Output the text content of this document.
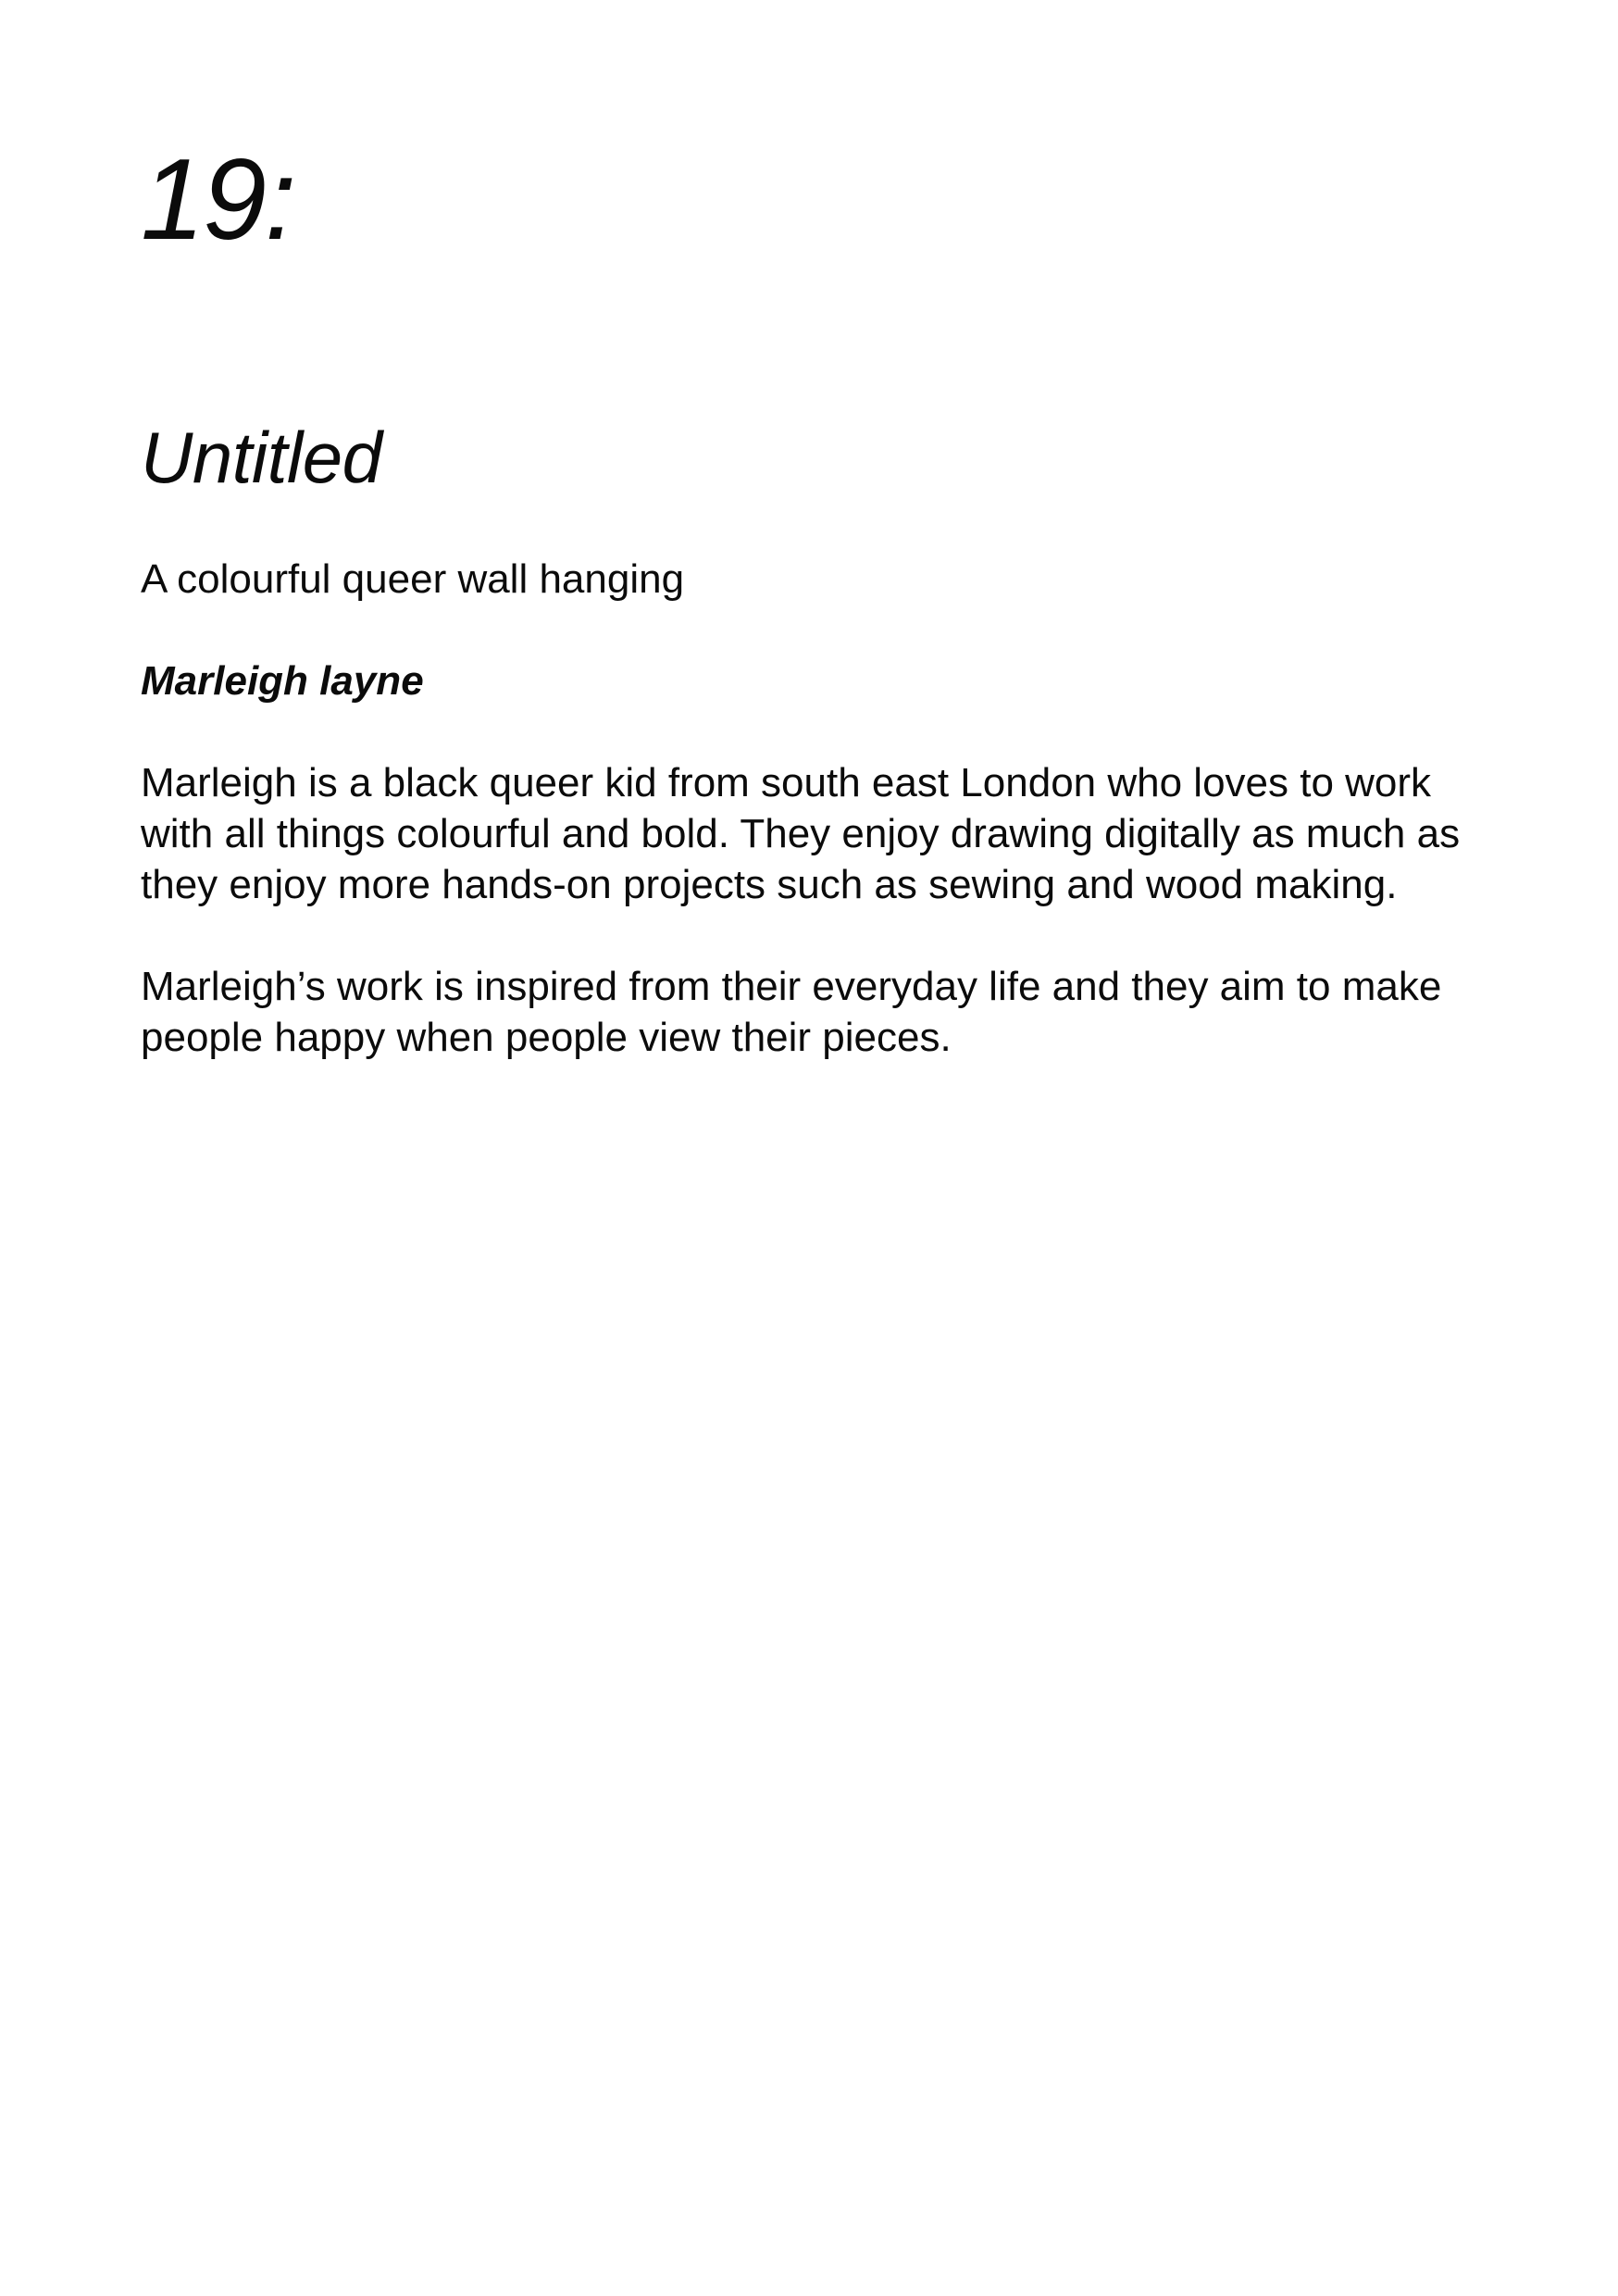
19:
Untitled

A colourful queer wall hanging

Marleigh layne

Marleigh is a black queer kid from south east London who loves to work with all things colourful and bold. They enjoy drawing digitally as much as they enjoy more hands-on projects such as sewing and wood making.

Marleigh’s work is inspired from their everyday life and they aim to make people happy when people view their pieces.
